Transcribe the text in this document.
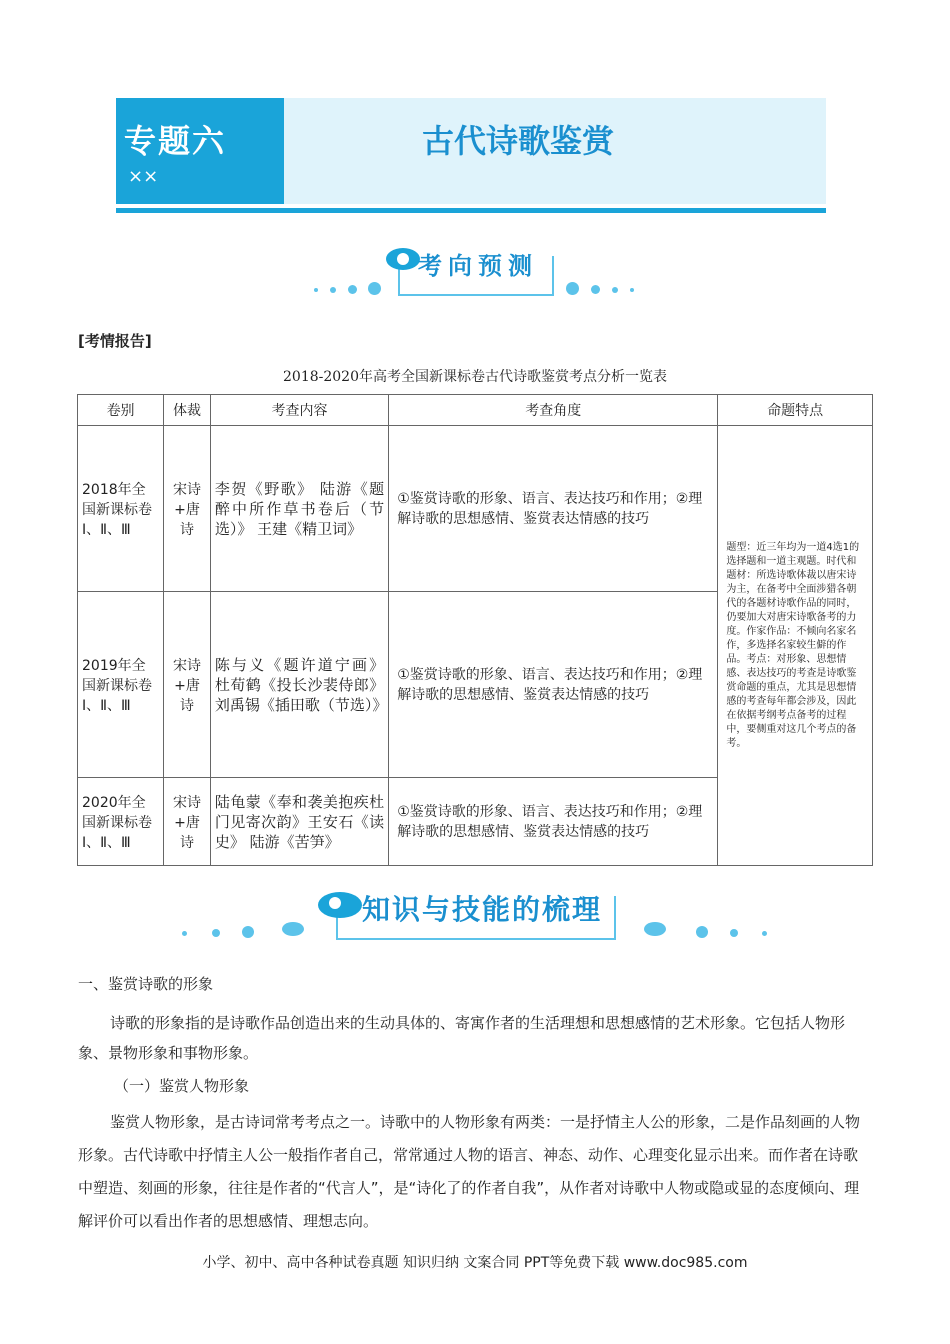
专题六
××
古代诗歌鉴赏
考向预测
[考情报告]
2018-2020年高考全国新课标卷古代诗歌鉴赏考点分析一览表
卷别	体裁	考查内容	考查角度	命题特点
2018年全国新课标卷Ⅰ、Ⅱ、Ⅲ	宋诗+唐诗	李贺《野歌》 陆游《题醉中所作草书卷后（节选）》 王建《精卫词》	①鉴赏诗歌的形象、语言、表达技巧和作用；②理解诗歌的思想感情、鉴赏表达情感的技巧	题型：近三年均为一道4选1的选择题和一道主观题。时代和题材：所选诗歌体裁以唐宋诗为主，在备考中全面涉猎各朝代的各题材诗歌作品的同时，仍要加大对唐宋诗歌备考的力度。作家作品：不倾向名家名作，多选择名家较生僻的作品。考点：对形象、思想情感、表达技巧的考查是诗歌鉴赏命题的重点，尤其是思想情感的考查每年都会涉及，因此在依据考纲考点备考的过程中，要侧重对这几个考点的备考。
2019年全国新课标卷Ⅰ、Ⅱ、Ⅲ	宋诗+唐诗	陈与义《题许道宁画》 杜荀鹤《投长沙裴侍郎》 刘禹锡《插田歌（节选）》	①鉴赏诗歌的形象、语言、表达技巧和作用；②理解诗歌的思想感情、鉴赏表达情感的技巧	
2020年全国新课标卷Ⅰ、Ⅱ、Ⅲ	宋诗+唐诗	陆龟蒙《奉和袭美抱疾杜门见寄次韵》王安石《读史》 陆游《苦笋》	①鉴赏诗歌的形象、语言、表达技巧和作用；②理解诗歌的思想感情、鉴赏表达情感的技巧	
知识与技能的梳理

一、鉴赏诗歌的形象

诗歌的形象指的是诗歌作品创造出来的生动具体的、寄寓作者的生活理想和思想感情的艺术形象。它包括人物形象、景物形象和事物形象。

（一）鉴赏人物形象

鉴赏人物形象，是古诗词常考考点之一。诗歌中的人物形象有两类：一是抒情主人公的形象，二是作品刻画的人物形象。古代诗歌中抒情主人公一般指作者自己，常常通过人物的语言、神态、动作、心理变化显示出来。而作者在诗歌中塑造、刻画的形象，往往是作者的“代言人”，是“诗化了的作者自我”，从作者对诗歌中人物或隐或显的态度倾向、理解评价可以看出作者的思想感情、理想志向。

小学、初中、高中各种试卷真题 知识归纳 文案合同 PPT等免费下载 www.doc985.com
